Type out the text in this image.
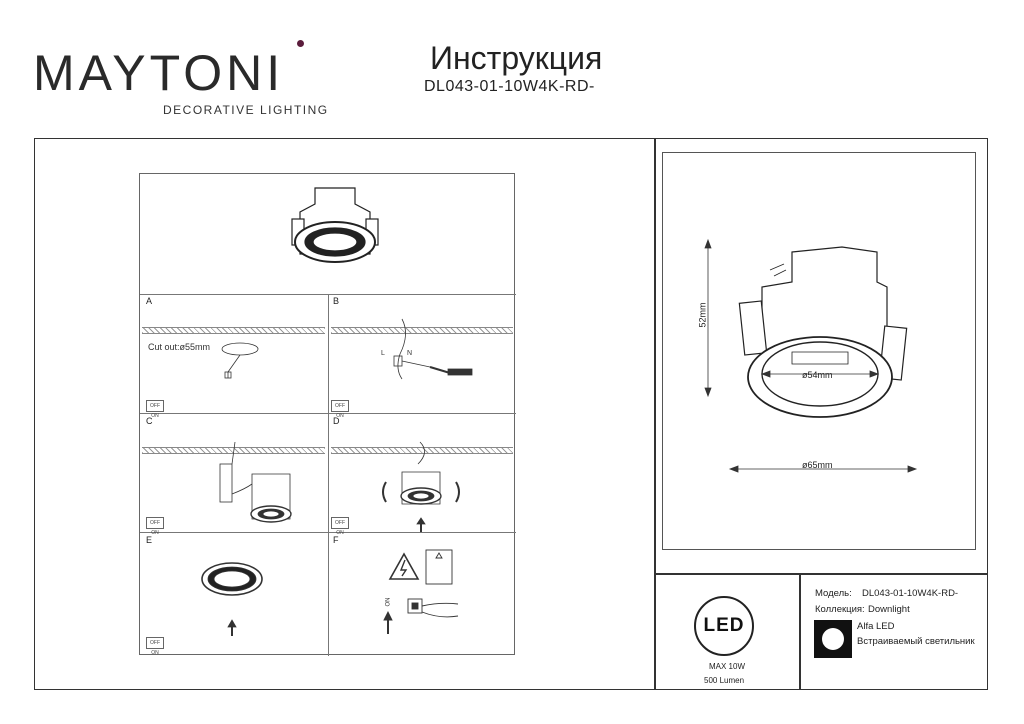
MAYTONI
DECORATIVE LIGHTING
Инструкция
DL043-01-10W4K-RD-
A	B
C	D
E	F
Cut out:ø55mm
L	N
ON
OFF ON
OFF ON
OFF ON
OFF ON
OFF ON
52mm
ø54mm
ø65mm
LED
MAX 10W
500 Lumen
Модель: DL043-01-10W4K-RD-
Коллекция: Downlight
Alfa LED
Встраиваемый светильник
